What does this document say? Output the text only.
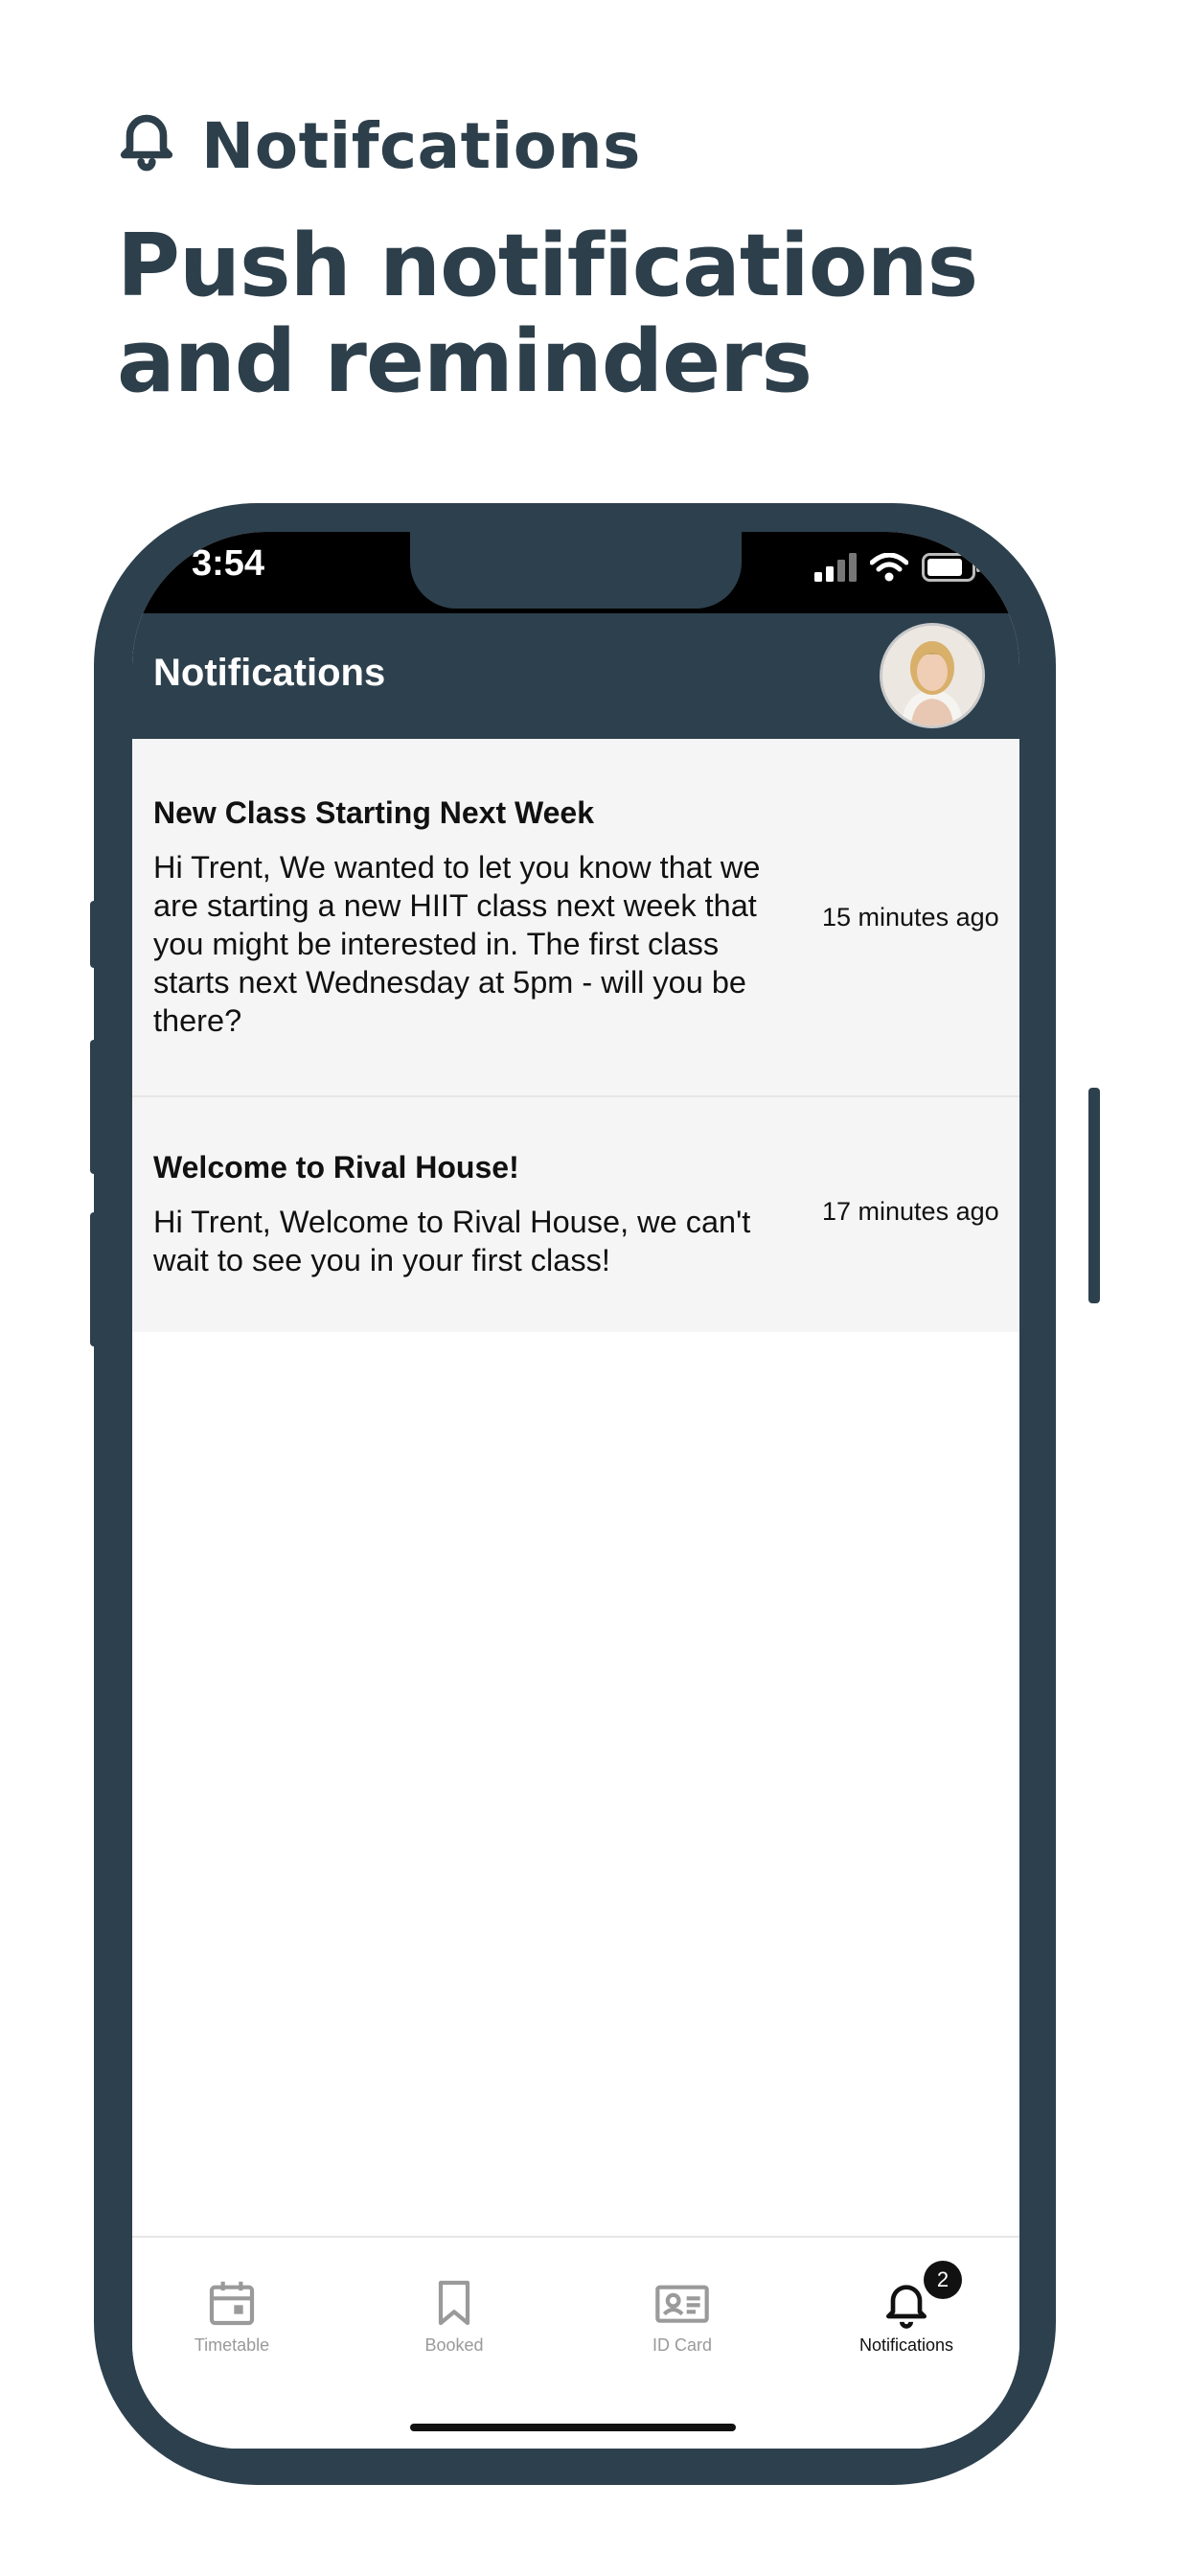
Notifcations
Push notifications and reminders
3:54
Notifications
New Class Starting Next Week
Hi Trent, We wanted to let you know that we are starting a new HIIT class next week that you might be interested in. The first class starts next Wednesday at 5pm - will you be there?
15 minutes ago
Welcome to Rival House!
Hi Trent, Welcome to Rival House, we can't wait to see you in your first class!
17 minutes ago
Timetable	Booked	ID Card
2
Notifications
